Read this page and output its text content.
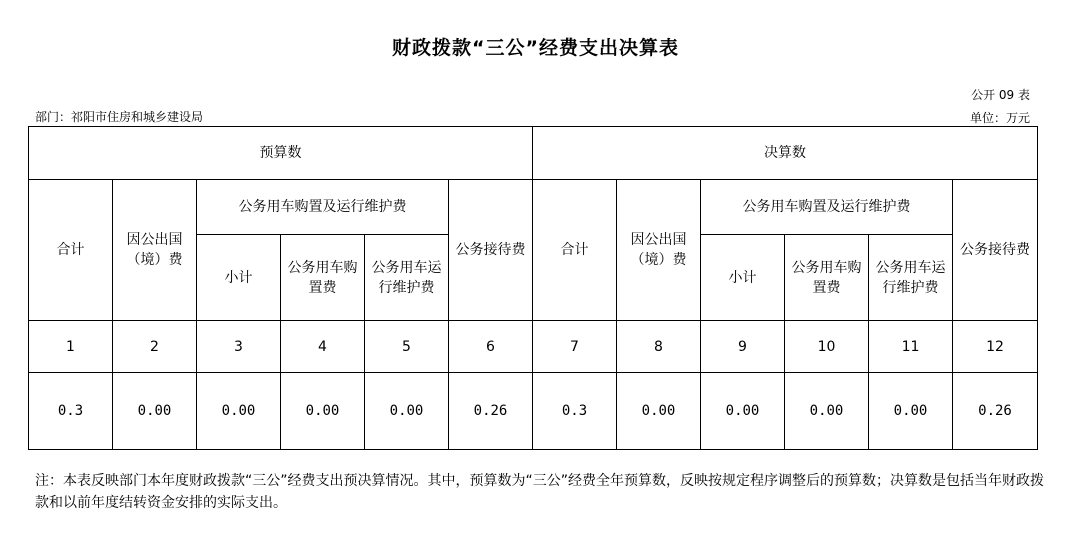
财政拨款“三公”经费支出决算表
公开 09 表
部门：祁阳市住房和城乡建设局	单位：万元
预算数						决算数					
合计	因公出国（境）费	公务用车购置及运行维护费			公务接待费	合计	因公出国（境）费	公务用车购置及运行维护费			公务接待费
		小计	公务用车购置费	公务用车运行维护费				小计	公务用车购置费	公务用车运行维护费	
1	2	3	4	5	6	7	8	9	10	11	12
0.3	0.00	0.00	0.00	0.00	0.26	0.3	0.00	0.00	0.00	0.00	0.26
注：本表反映部门本年度财政拨款“三公”经费支出预决算情况。其中，预算数为“三公”经费全年预算数，反映按规定程序调整后的预算数；决算数是包括当年财政拨款和以前年度结转资金安排的实际支出。
